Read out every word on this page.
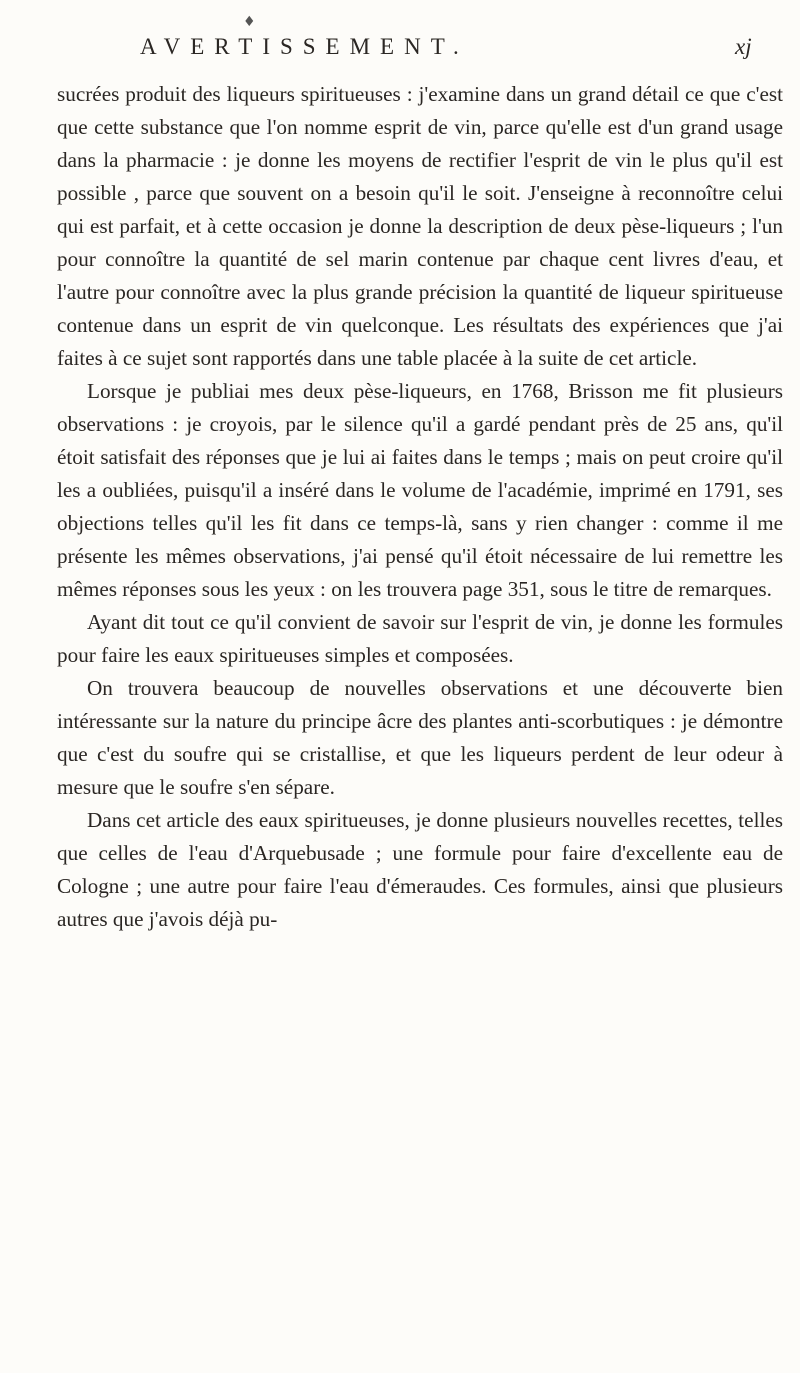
♦
AVERTISSEMENT.	xj

sucrées produit des liqueurs spiritueuses : j'examine dans un grand détail ce que c'est que cette substance que l'on nomme esprit de vin, parce qu'elle est d'un grand usage dans la pharmacie : je donne les moyens de rectifier l'esprit de vin le plus qu'il est possible , parce que souvent on a besoin qu'il le soit. J'enseigne à reconnoître celui qui est parfait, et à cette occasion je donne la description de deux pèse-liqueurs ; l'un pour connoître la quantité de sel marin contenue par chaque cent livres d'eau, et l'autre pour connoître avec la plus grande précision la quantité de liqueur spiritueuse contenue dans un esprit de vin quelconque. Les résultats des expériences que j'ai faites à ce sujet sont rapportés dans une table placée à la suite de cet article.

Lorsque je publiai mes deux pèse-liqueurs, en 1768, Brisson me fit plusieurs observations : je croyois, par le silence qu'il a gardé pendant près de 25 ans, qu'il étoit satisfait des réponses que je lui ai faites dans le temps ; mais on peut croire qu'il les a oubliées, puisqu'il a inséré dans le volume de l'académie, imprimé en 1791, ses objections telles qu'il les fit dans ce temps-là, sans y rien changer : comme il me présente les mêmes observations, j'ai pensé qu'il étoit nécessaire de lui remettre les mêmes réponses sous les yeux : on les trouvera page 351, sous le titre de remarques.

Ayant dit tout ce qu'il convient de savoir sur l'esprit de vin, je donne les formules pour faire les eaux spiritueuses simples et composées.

On trouvera beaucoup de nouvelles observations et une découverte bien intéressante sur la nature du principe âcre des plantes anti-scorbutiques : je démontre que c'est du soufre qui se cristallise, et que les liqueurs perdent de leur odeur à mesure que le soufre s'en sépare.

Dans cet article des eaux spiritueuses, je donne plusieurs nouvelles recettes, telles que celles de l'eau d'Arquebusade ; une formule pour faire d'excellente eau de Cologne ; une autre pour faire l'eau d'émeraudes. Ces formules, ainsi que plusieurs autres que j'avois déjà pu-
